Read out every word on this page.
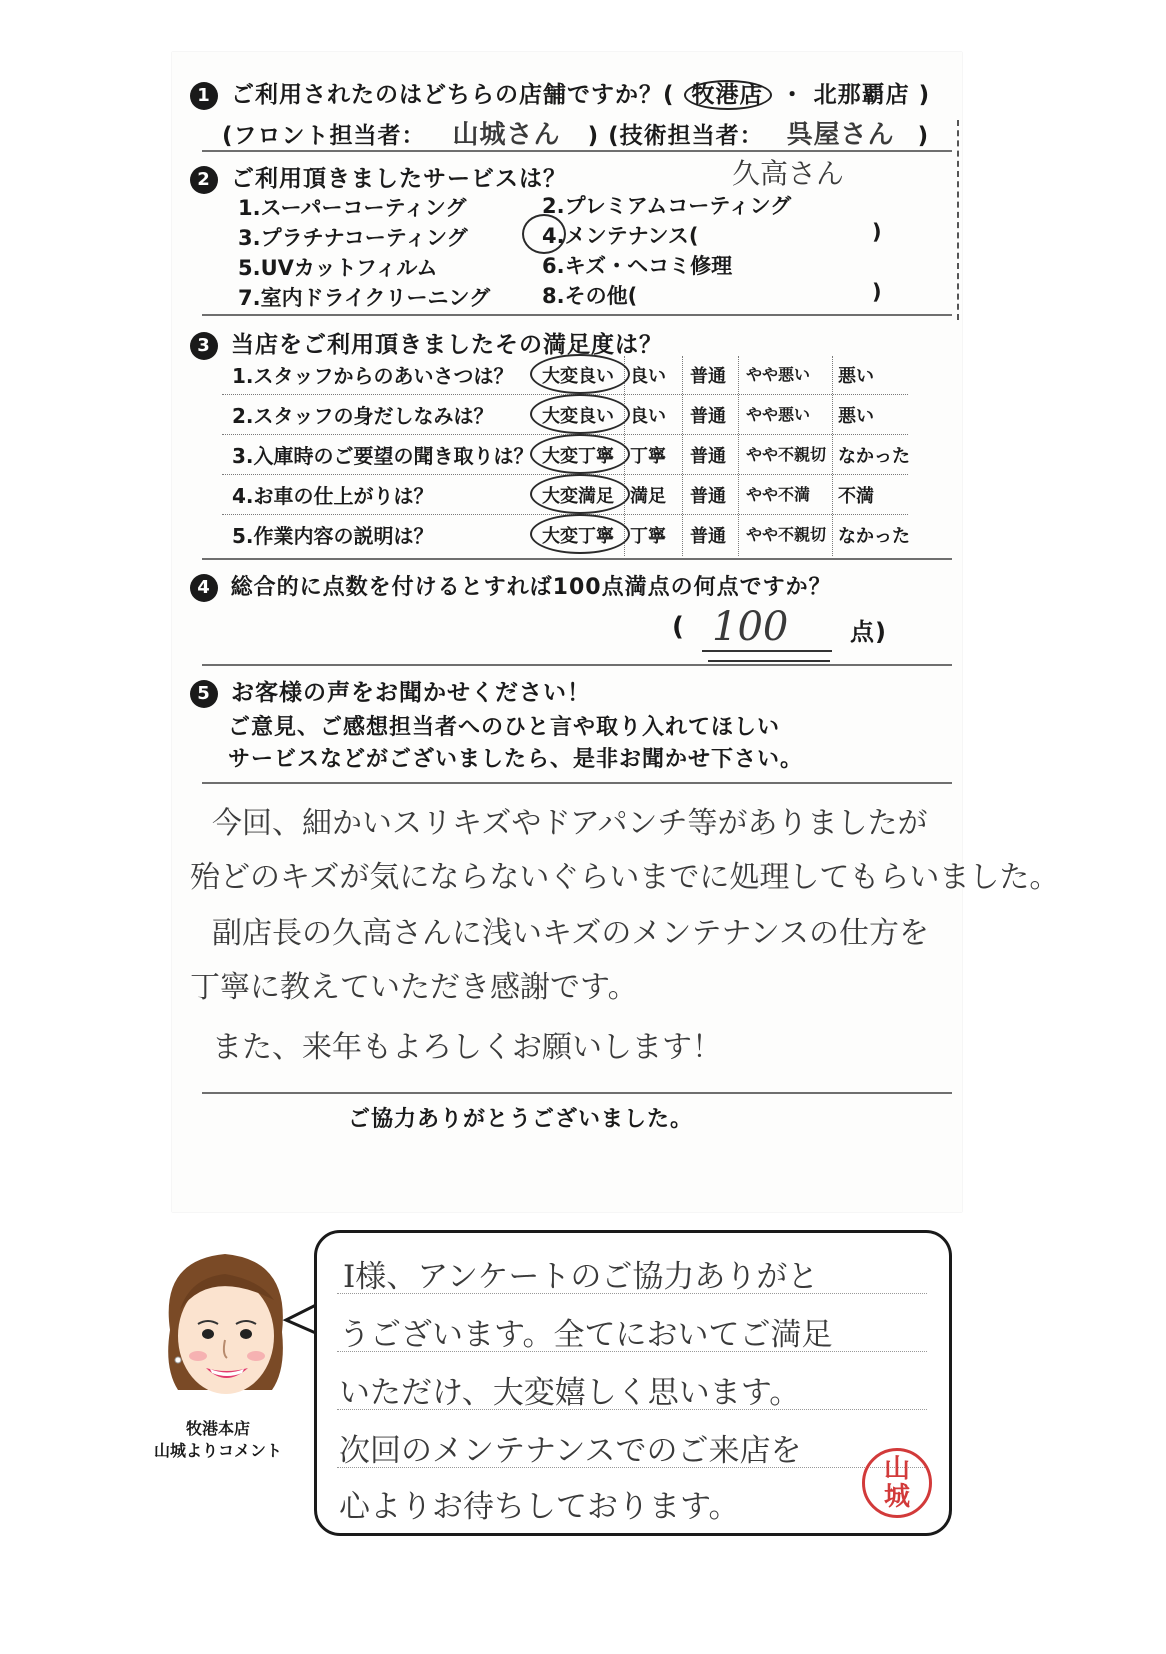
1 ご利用されたのはどちらの店舗ですか？( 牧港店 ・ 北那覇店 )
(フロント担当者： 山城さん ) (技術担当者： 呉屋さん )
2 ご利用頂きましたサービスは？	久高さん
1.スーパーコーティング	2.プレミアムコーティング
3.プラチナコーティング	4.メンテナンス(	)
5.UVカットフィルム	6.キズ・ヘコミ修理
7.室内ドライクリーニング 8.その他(	)
3 当店をご利用頂きましたその満足度は？
1.スタッフからのあいさつは？ 大変良い 良い 普通 やや悪い 悪い
2.スタッフの身だしなみは？	大変良い 良い 普通 やや悪い 悪い
3.入庫時のご要望の聞き取りは？ 大変丁寧 丁寧 普通 やや不親切 なかった
4.お車の仕上がりは？	大変満足 満足 普通 やや不満 不満
5.作業内容の説明は？	大変丁寧 丁寧 普通 やや不親切 なかった
4 総合的に点数を付けるとすれば100点満点の何点ですか？
( 100	点)
5 お客様の声をお聞かせください！
ご意見、ご感想担当者へのひと言や取り入れてほしい
サービスなどがございましたら、是非お聞かせ下さい。
今回、細かいスリキズやドアパンチ等がありましたが
殆どのキズが気にならないぐらいまでに処理してもらいました。
副店長の久高さんに浅いキズのメンテナンスの仕方を
丁寧に教えていただき感謝です。
また、来年もよろしくお願いします！
ご協力ありがとうございました。
牧港本店
山城よりコメント
I様、アンケートのご協力ありがと
うございます。全てにおいてご満足
いただけ、大変嬉しく思います。
次回のメンテナンスでのご来店を
心よりお待ちしております。
山城
